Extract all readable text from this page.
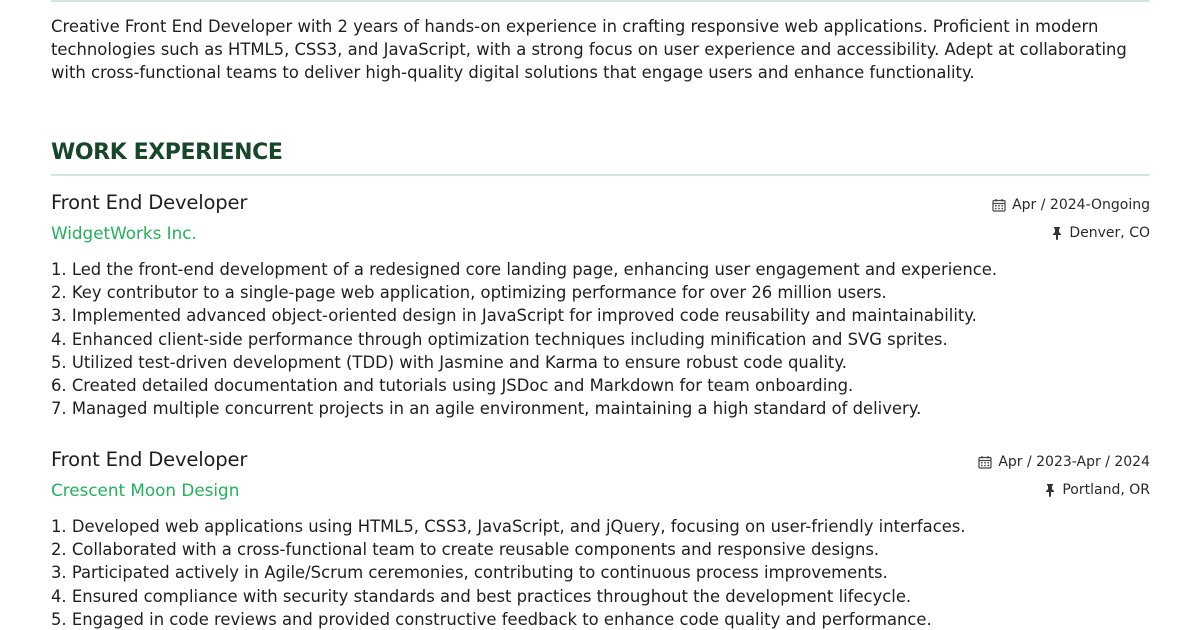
Creative Front End Developer with 2 years of hands-on experience in crafting responsive web applications. Proficient in modern technologies such as HTML5, CSS3, and JavaScript, with a strong focus on user experience and accessibility. Adept at collaborating with cross-functional teams to deliver high-quality digital solutions that engage users and enhance functionality.
WORK EXPERIENCE
Front End Developer
WidgetWorks Inc.
Apr / 2024-Ongoing
Denver, CO
1. Led the front-end development of a redesigned core landing page, enhancing user engagement and experience.
2. Key contributor to a single-page web application, optimizing performance for over 26 million users.
3. Implemented advanced object-oriented design in JavaScript for improved code reusability and maintainability.
4. Enhanced client-side performance through optimization techniques including minification and SVG sprites.
5. Utilized test-driven development (TDD) with Jasmine and Karma to ensure robust code quality.
6. Created detailed documentation and tutorials using JSDoc and Markdown for team onboarding.
7. Managed multiple concurrent projects in an agile environment, maintaining a high standard of delivery.
Front End Developer
Crescent Moon Design
Apr / 2023-Apr / 2024
Portland, OR
1. Developed web applications using HTML5, CSS3, JavaScript, and jQuery, focusing on user-friendly interfaces.
2. Collaborated with a cross-functional team to create reusable components and responsive designs.
3. Participated actively in Agile/Scrum ceremonies, contributing to continuous process improvements.
4. Ensured compliance with security standards and best practices throughout the development lifecycle.
5. Engaged in code reviews and provided constructive feedback to enhance code quality and performance.
